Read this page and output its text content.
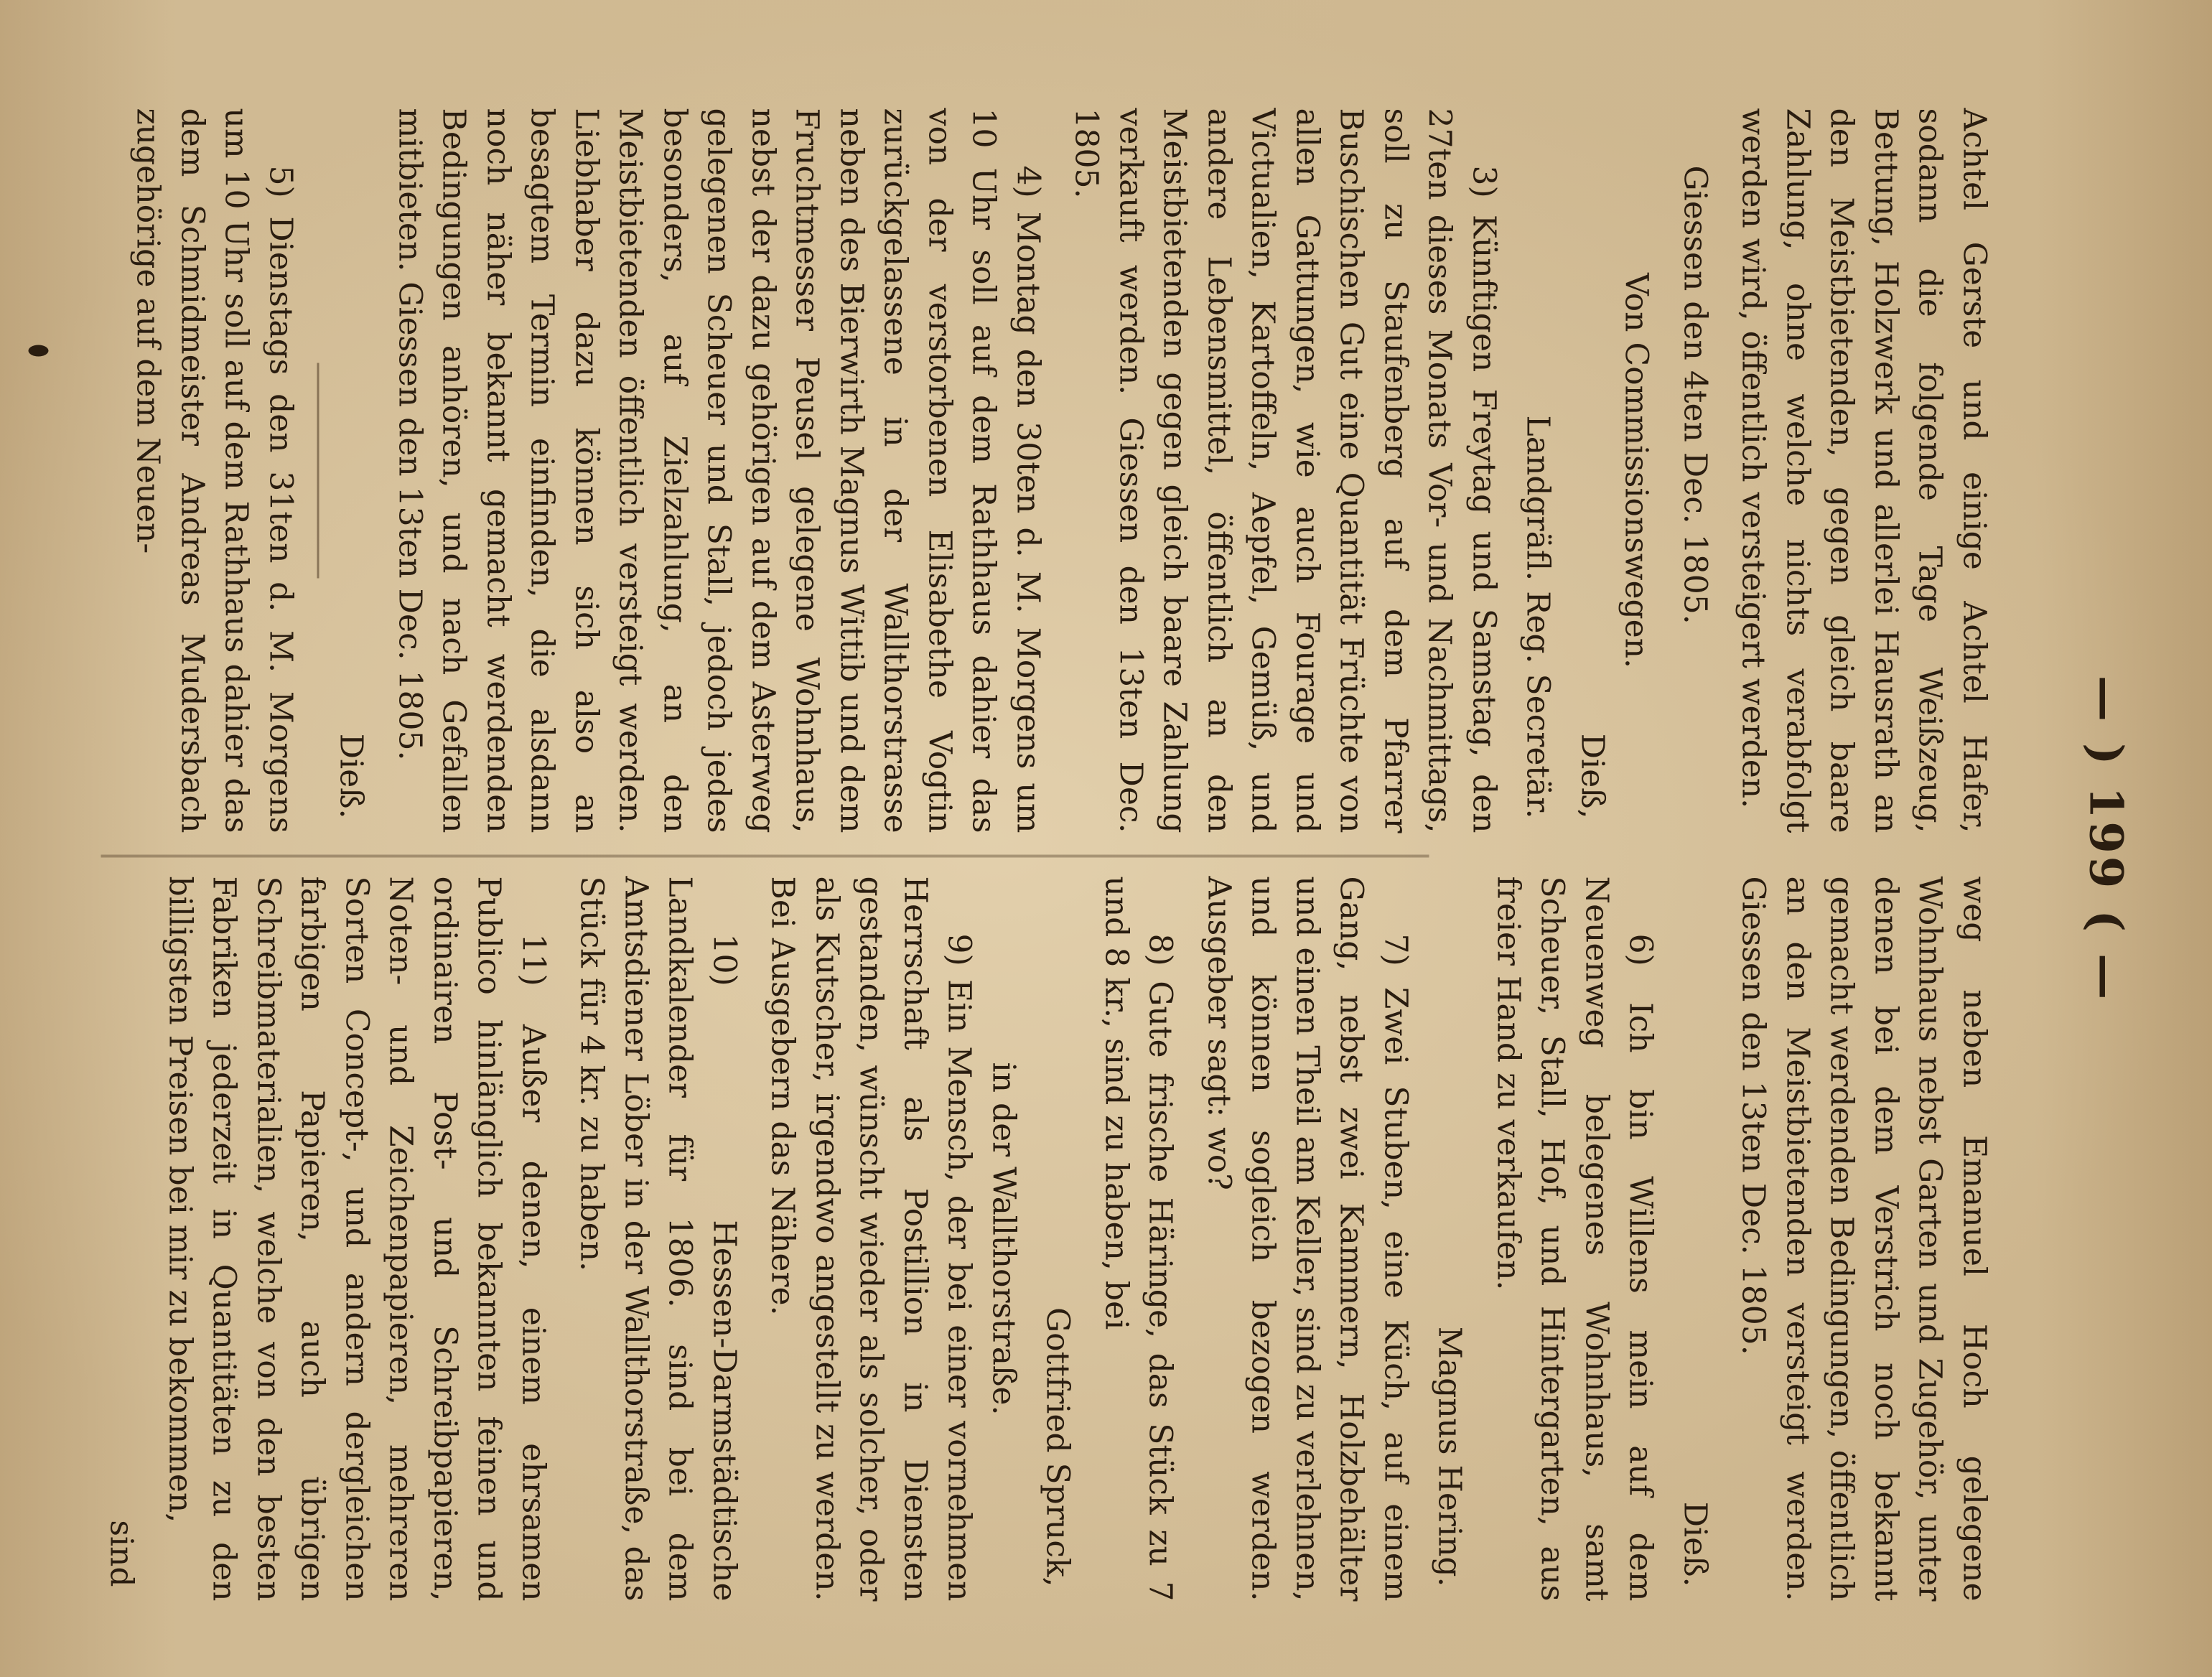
— ) 199 ( —

Achtel Gerste und einige Achtel Hafer, sodann die folgende Tage Weißzeug, Bettung, Holzwerk und allerlei Hausrath an den Meistbietenden, gegen gleich baare Zahlung, ohne welche nichts verabfolgt werden wird, öffentlich versteigert werden.

Giessen den 4ten Dec. 1805.

Von Commissionswegen.

Dieß,

Landgräfl. Reg. Secretär.

3) Künftigen Freytag und Samstag, den 27ten dieses Monats Vor- und Nachmittags, soll zu Staufenberg auf dem Pfarrer Buschischen Gut eine Quantität Früchte von allen Gattungen, wie auch Fourage und Victualien, Kartoffeln, Aepfel, Gemüß, und andere Lebensmittel, öffentlich an den Meistbietenden gegen gleich baare Zahlung verkauft werden. Giessen den 13ten Dec. 1805.

4) Montag den 30ten d. M. Morgens um 10 Uhr soll auf dem Rathhaus dahier das von der verstorbenen Elisabethe Vogtin zurückgelassene in der Wallthorstrasse neben des Bierwirth Magnus Wittib und dem Fruchtmesser Peusel gelegene Wohnhaus, nebst der dazu gehörigen auf dem Asterweg gelegenen Scheuer und Stall, jedoch jedes besonders, auf Zielzahlung, an den Meistbietenden öffentlich versteigt werden. Liebhaber dazu können sich also an besagtem Termin einfinden, die alsdann noch näher bekannt gemacht werdenden Bedingungen anhören, und nach Gefallen mitbieten. Giessen den 13ten Dec. 1805.

Dieß.

5) Dienstags den 31ten d. M. Morgens um 10 Uhr soll auf dem Rathhaus dahier das dem Schmidmeister Andreas Mudersbach zugehörige auf dem Neuen-

weg neben Emanuel Hoch gelegene Wohnhaus nebst Garten und Zugehör, unter denen bei dem Verstrich noch bekannt gemacht werdenden Bedingungen, öffentlich an den Meistbietenden versteigt werden. Giessen den 13ten Dec. 1805.

Dieß.

6) Ich bin Willens mein auf dem Neuenweg belegenes Wohnhaus, samt Scheuer, Stall, Hof, und Hintergarten, aus freier Hand zu verkaufen.

Magnus Hering.

7) Zwei Stuben, eine Küch, auf einem Gang, nebst zwei Kammern, Holzbehälter und einen Theil am Keller, sind zu verlehnen, und können sogleich bezogen werden. Ausgeber sagt: wo?

8) Gute frische Häringe, das Stück zu 7 und 8 kr., sind zu haben, bei

Gottfried Spruck,

in der Wallthorstraße.

9) Ein Mensch, der bei einer vornehmen Herrschaft als Postillion in Diensten gestanden, wünscht wieder als solcher, oder als Kutscher, irgendwo angestellt zu werden. Bei Ausgebern das Nähere.

10) Hessen-Darmstädtische Landkalender für 1806. sind bei dem Amtsdiener Löber in der Wallthorstraße, das Stück für 4 kr. zu haben.

11) Außer denen, einem ehrsamen Publico hinlänglich bekannten feinen und ordinairen Post- und Schreibpapieren, Noten- und Zeichenpapieren, mehreren Sorten Concept-, und andern dergleichen farbigen Papieren, auch übrigen Schreibmaterialien, welche von den besten Fabriken jederzeit in Quantitäten zu den billigsten Preisen bei mir zu bekommen,

sind
